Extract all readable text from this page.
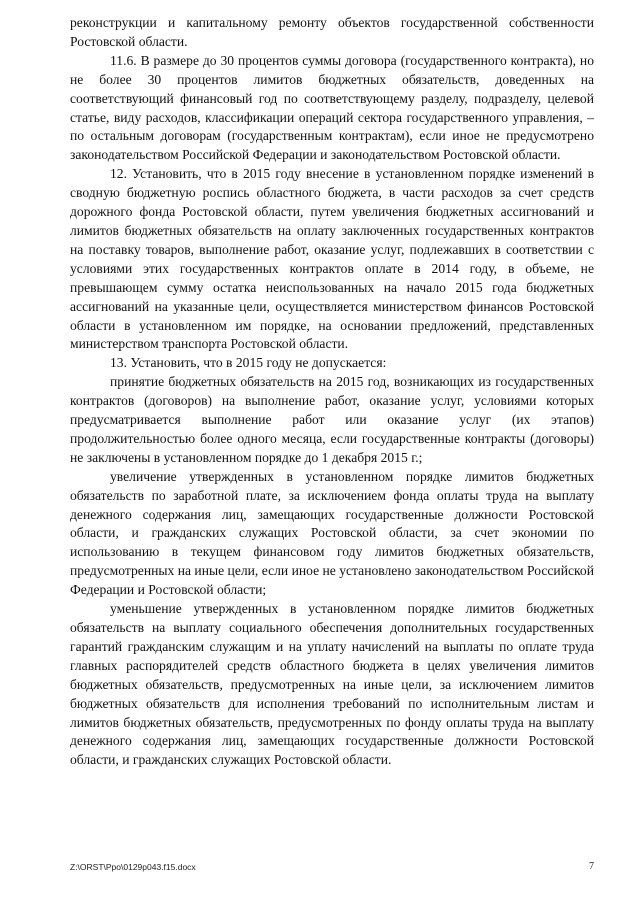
реконструкции и капитальному ремонту объектов государственной собственности Ростовской области.

11.6. В размере до 30 процентов суммы договора (государственного контракта), но не более 30 процентов лимитов бюджетных обязательств, доведенных на соответствующий финансовый год по соответствующему разделу, подразделу, целевой статье, виду расходов, классификации операций сектора государственного управления, – по остальным договорам (государственным контрактам), если иное не предусмотрено законодательством Российской Федерации и законодательством Ростовской области.

12. Установить, что в 2015 году внесение в установленном порядке изменений в сводную бюджетную роспись областного бюджета, в части расходов за счет средств дорожного фонда Ростовской области, путем увеличения бюджетных ассигнований и лимитов бюджетных обязательств на оплату заключенных государственных контрактов на поставку товаров, выполнение работ, оказание услуг, подлежавших в соответствии с условиями этих государственных контрактов оплате в 2014 году, в объеме, не превышающем сумму остатка неиспользованных на начало 2015 года бюджетных ассигнований на указанные цели, осуществляется министерством финансов Ростовской области в установленном им порядке, на основании предложений, представленных министерством транспорта Ростовской области.

13. Установить, что в 2015 году не допускается:

принятие бюджетных обязательств на 2015 год, возникающих из государственных контрактов (договоров) на выполнение работ, оказание услуг, условиями которых предусматривается выполнение работ или оказание услуг (их этапов) продолжительностью более одного месяца, если государственные контракты (договоры) не заключены в установленном порядке до 1 декабря 2015 г.;

увеличение утвержденных в установленном порядке лимитов бюджетных обязательств по заработной плате, за исключением фонда оплаты труда на выплату денежного содержания лиц, замещающих государственные должности Ростовской области, и гражданских служащих Ростовской области, за счет экономии по использованию в текущем финансовом году лимитов бюджетных обязательств, предусмотренных на иные цели, если иное не установлено законодательством Российской Федерации и Ростовской области;

уменьшение утвержденных в установленном порядке лимитов бюджетных обязательств на выплату социального обеспечения дополнительных государственных гарантий гражданским служащим и на уплату начислений на выплаты по оплате труда главных распорядителей средств областного бюджета в целях увеличения лимитов бюджетных обязательств, предусмотренных на иные цели, за исключением лимитов бюджетных обязательств для исполнения требований по исполнительным листам и лимитов бюджетных обязательств, предусмотренных по фонду оплаты труда на выплату денежного содержания лиц, замещающих государственные должности Ростовской области, и гражданских служащих Ростовской области.

Z:\ORST\Ppo\0129p043.f15.docx	7
